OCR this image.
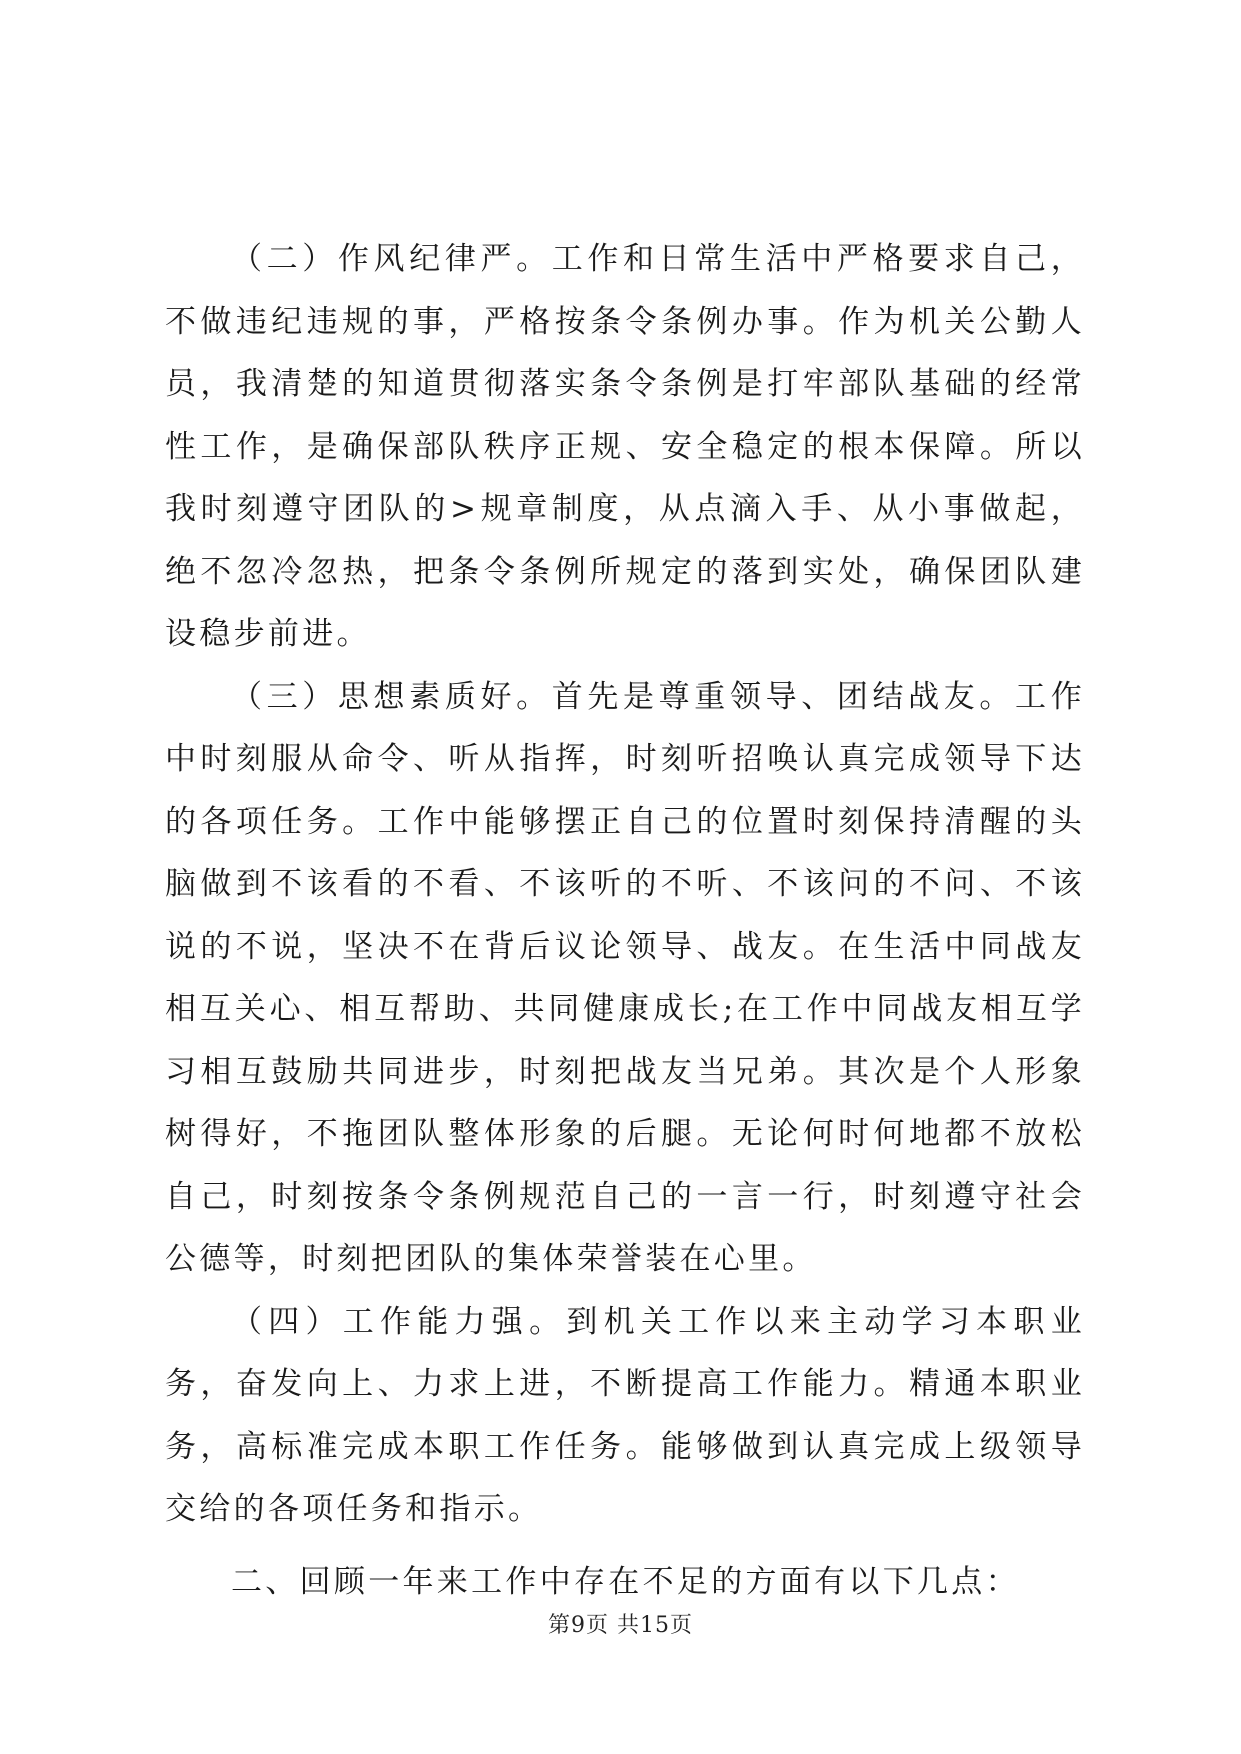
（二）作风纪律严。工作和日常生活中严格要求自己，不做违纪违规的事，严格按条令条例办事。作为机关公勤人员，我清楚的知道贯彻落实条令条例是打牢部队基础的经常性工作，是确保部队秩序正规、安全稳定的根本保障。所以我时刻遵守团队的>规章制度，从点滴入手、从小事做起，绝不忽冷忽热，把条令条例所规定的落到实处，确保团队建设稳步前进。

（三）思想素质好。首先是尊重领导、团结战友。工作中时刻服从命令、听从指挥，时刻听招唤认真完成领导下达的各项任务。工作中能够摆正自己的位置时刻保持清醒的头脑做到不该看的不看、不该听的不听、不该问的不问、不该说的不说，坚决不在背后议论领导、战友。在生活中同战友相互关心、相互帮助、共同健康成长;在工作中同战友相互学习相互鼓励共同进步，时刻把战友当兄弟。其次是个人形象树得好，不拖团队整体形象的后腿。无论何时何地都不放松自己，时刻按条令条例规范自己的一言一行，时刻遵守社会公德等，时刻把团队的集体荣誉装在心里。

（四）工作能力强。到机关工作以来主动学习本职业务，奋发向上、力求上进，不断提高工作能力。精通本职业务，高标准完成本职工作任务。能够做到认真完成上级领导交给的各项任务和指示。

二、回顾一年来工作中存在不足的方面有以下几点：

第9页 共15页
